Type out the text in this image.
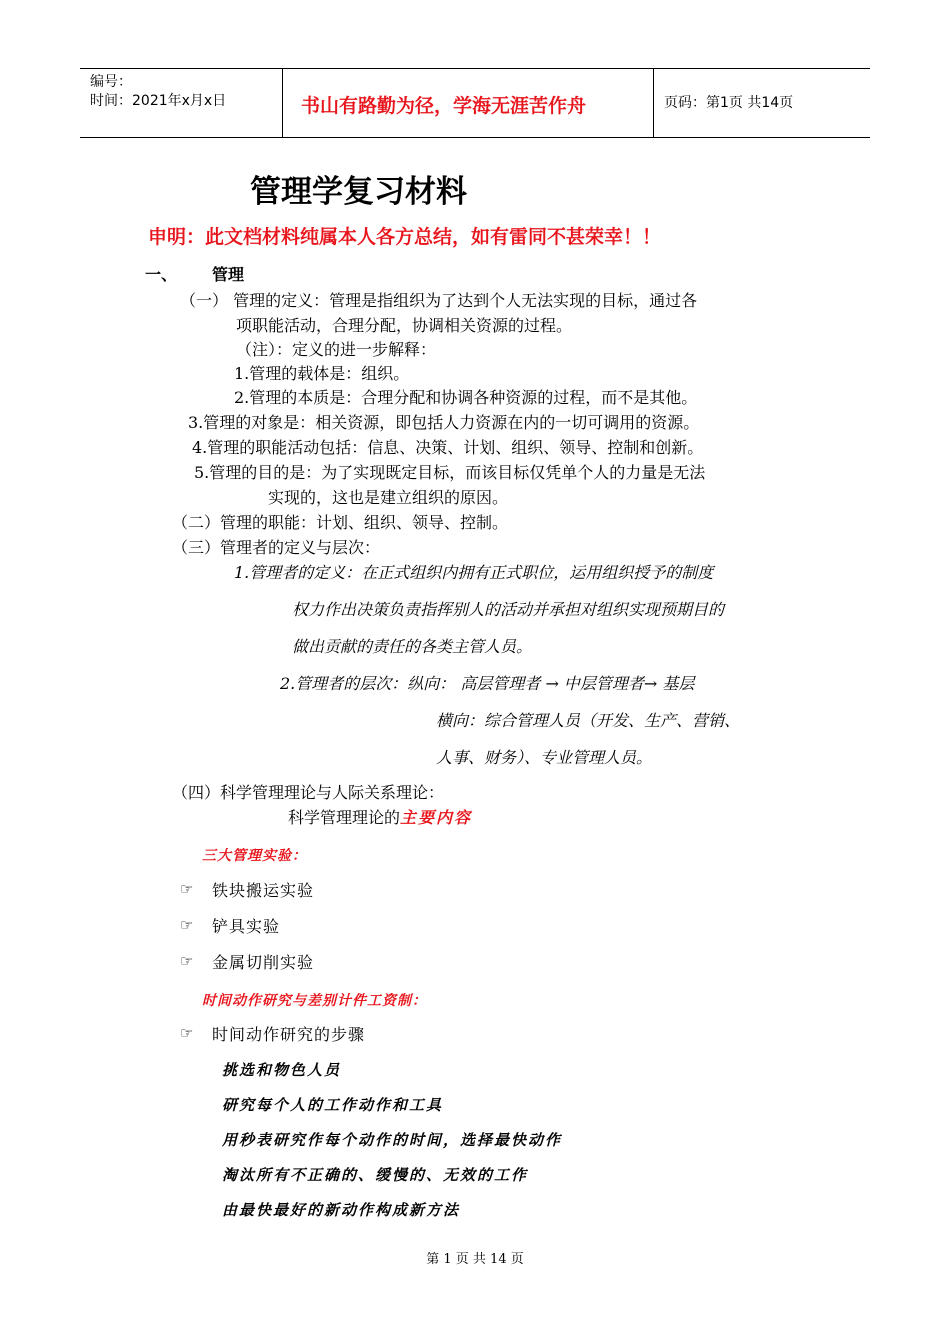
编号：
时间：2021年x月x日	书山有路勤为径，学海无涯苦作舟	页码：第1页 共14页
管理学复习材料
申明：此文档材料纯属本人各方总结，如有雷同不甚荣幸！！
一、 管理
（一） 管理的定义：管理是指组织为了达到个人无法实现的目标，通过各
项职能活动，合理分配，协调相关资源的过程。
（注）：定义的进一步解释：
1.管理的载体是：组织。
2.管理的本质是：合理分配和协调各种资源的过程，而不是其他。
3.管理的对象是：相关资源，即包括人力资源在内的一切可调用的资源。
4.管理的职能活动包括：信息、决策、计划、组织、领导、控制和创新。
5.管理的目的是：为了实现既定目标，而该目标仅凭单个人的力量是无法
实现的，这也是建立组织的原因。
（二）管理的职能：计划、组织、领导、控制。
（三）管理者的定义与层次：
1.管理者的定义：在正式组织内拥有正式职位，运用组织授予的制度
权力作出决策负责指挥别人的活动并承担对组织实现预期目的
做出贡献的责任的各类主管人员。
2.管理者的层次：纵向： 高层管理者 → 中层管理者→ 基层
横向：综合管理人员（开发、生产、营销、
人事、财务）、专业管理人员。
（四）科学管理理论与人际关系理论：
科学管理理论的主要内容
三大管理实验：
☞ 铁块搬运实验
☞ 铲具实验
☞ 金属切削实验
时间动作研究与差别计件工资制：
☞ 时间动作研究的步骤
挑选和物色人员
研究每个人的工作动作和工具
用秒表研究作每个动作的时间，选择最快动作
淘汰所有不正确的、缓慢的、无效的工作
由最快最好的新动作构成新方法
第 1 页 共 14 页
